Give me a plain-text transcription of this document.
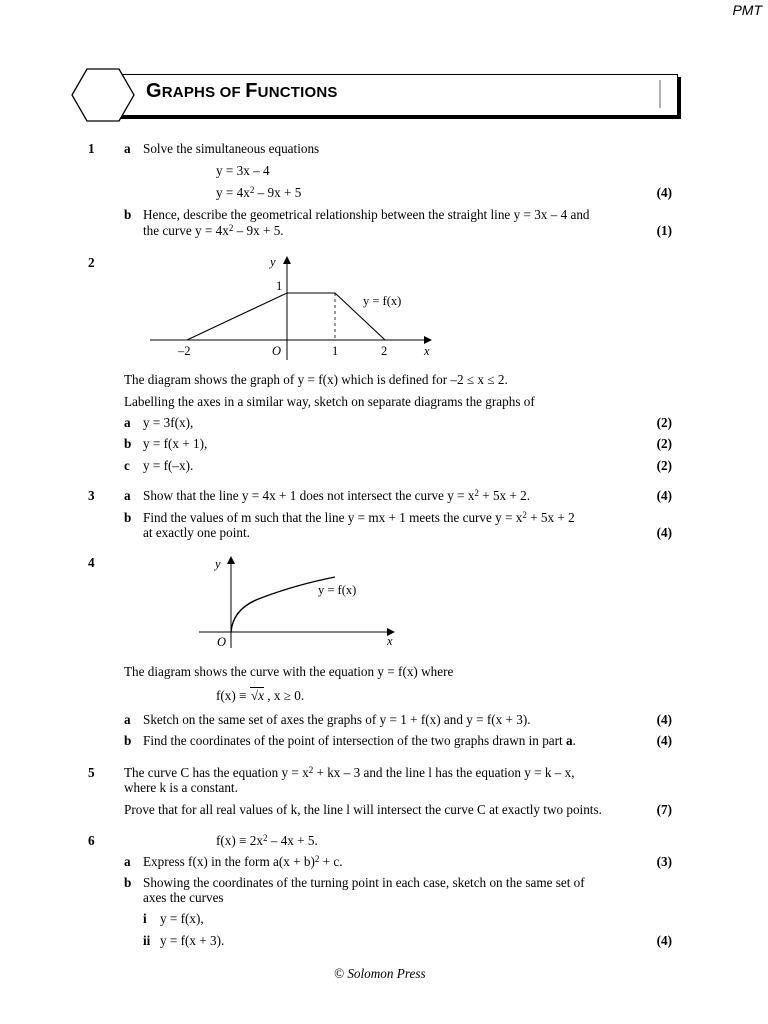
PMT
GRAPHS OF FUNCTIONS
1 a Solve the simultaneous equations
y = 3x – 4
$y = 4x^2 - 9x + 5$	(4)
b Hence, describe the geometrical relationship between the straight line y = 3x – 4 and
the curve $y = 4x^2 - 9x + 5$.	(1)
2	y
1
–2	O	1	2	x
y = f(x)
The diagram shows the graph of y = f(x) which is defined for –2 ≤ x ≤ 2.
Labelling the axes in a similar way, sketch on separate diagrams the graphs of
a y = 3f(x),	(2)
b y = f(x + 1),	(2)
c y = f(–x).	(2)
3 a Show that the line y = 4x + 1 does not intersect the curve $y = x^2 + 5x + 2$.	(4)
b Find the values of m such that the line y = mx + 1 meets the curve $y = x^2 + 5x + 2$
at exactly one point.	(4)
4	y
O	x
y = f(x)
The diagram shows the curve with the equation y = f(x) where
f(x) ≡ √x , x ≥ 0.
a Sketch on the same set of axes the graphs of y = 1 + f(x) and y = f(x + 3).	(4)
b Find the coordinates of the point of intersection of the two graphs drawn in part a.	(4)
5 The curve C has the equation $y = x^2$ + kx – 3 and the line l has the equation y = k – x,
where k is a constant.
Prove that for all real values of k, the line l will intersect the curve C at exactly two points.	(7)
6	$f(x) \equiv 2x^2 - 4x + 5$.
a Express f(x) in the form $a(x + b)^2 + c$.	(3)
b Showing the coordinates of the turning point in each case, sketch on the same set of
axes the curves
i y = f(x),
ii y = f(x + 3).	(4)
© Solomon Press
